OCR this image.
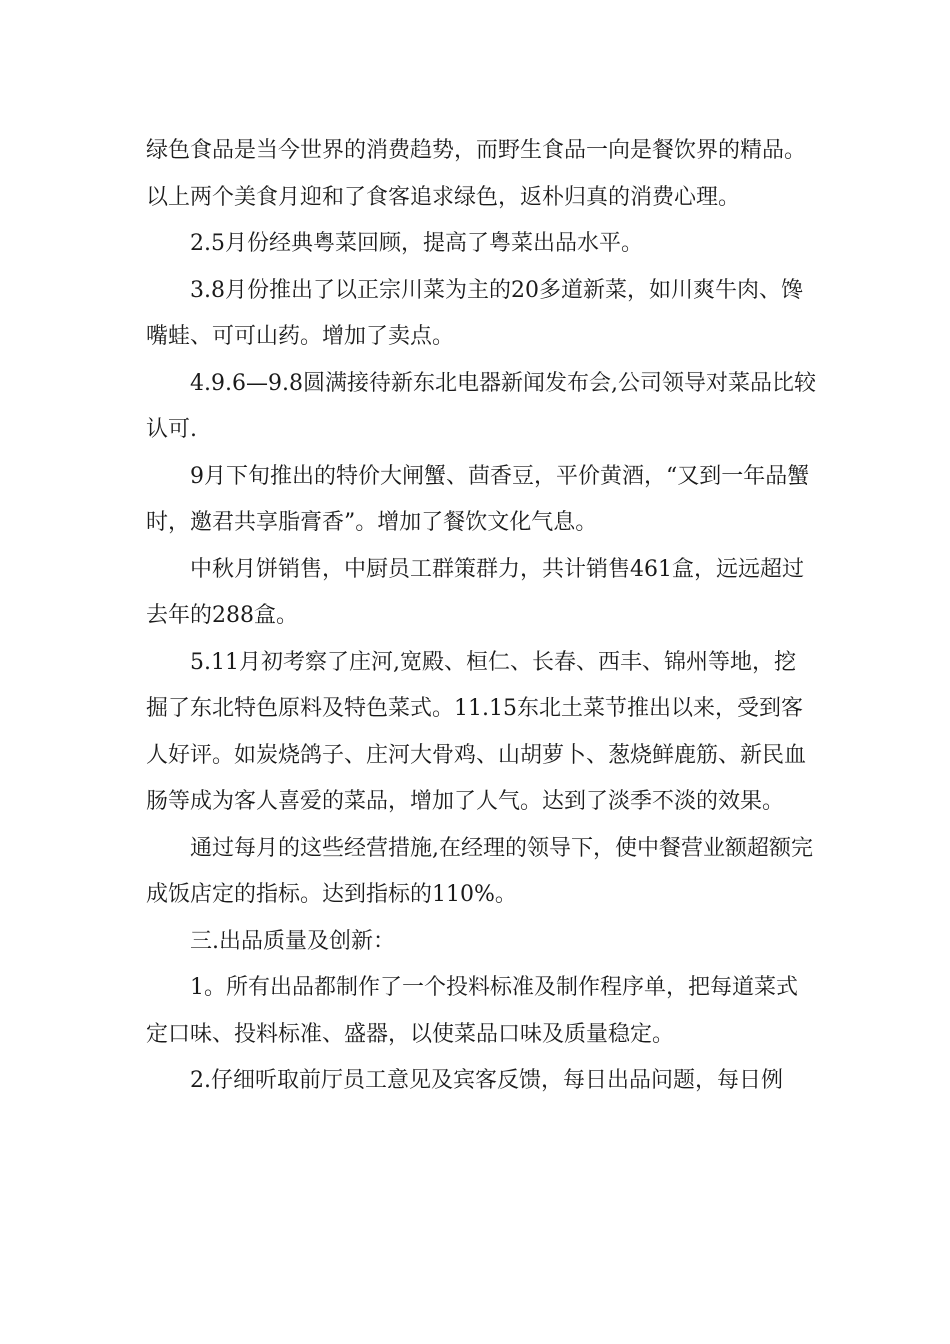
绿色食品是当今世界的消费趋势，而野生食品一向是餐饮界的精品。以上两个美食月迎和了食客追求绿色，返朴归真的消费心理。

2.5月份经典粤菜回顾，提高了粤菜出品水平。

3.8月份推出了以正宗川菜为主的20多道新菜，如川爽牛肉、馋嘴蛙、可可山药。增加了卖点。

4.9.6—9.8圆满接待新东北电器新闻发布会,公司领导对菜品比较认可.

9月下旬推出的特价大闸蟹、茴香豆，平价黄酒，“又到一年品蟹时，邀君共享脂膏香”。增加了餐饮文化气息。

中秋月饼销售，中厨员工群策群力，共计销售461盒，远远超过去年的288盒。

5.11月初考察了庄河,宽殿、桓仁、长春、西丰、锦州等地，挖掘了东北特色原料及特色菜式。11.15东北土菜节推出以来，受到客人好评。如炭烧鸽子、庄河大骨鸡、山胡萝卜、葱烧鲜鹿筋、新民血肠等成为客人喜爱的菜品，增加了人气。达到了淡季不淡的效果。

通过每月的这些经营措施,在经理的领导下，使中餐营业额超额完成饭店定的指标。达到指标的110%。

三.出品质量及创新：

1。所有出品都制作了一个投料标准及制作程序单，把每道菜式定口味、投料标准、盛器，以使菜品口味及质量稳定。

2.仔细听取前厅员工意见及宾客反馈，每日出品问题，每日例
